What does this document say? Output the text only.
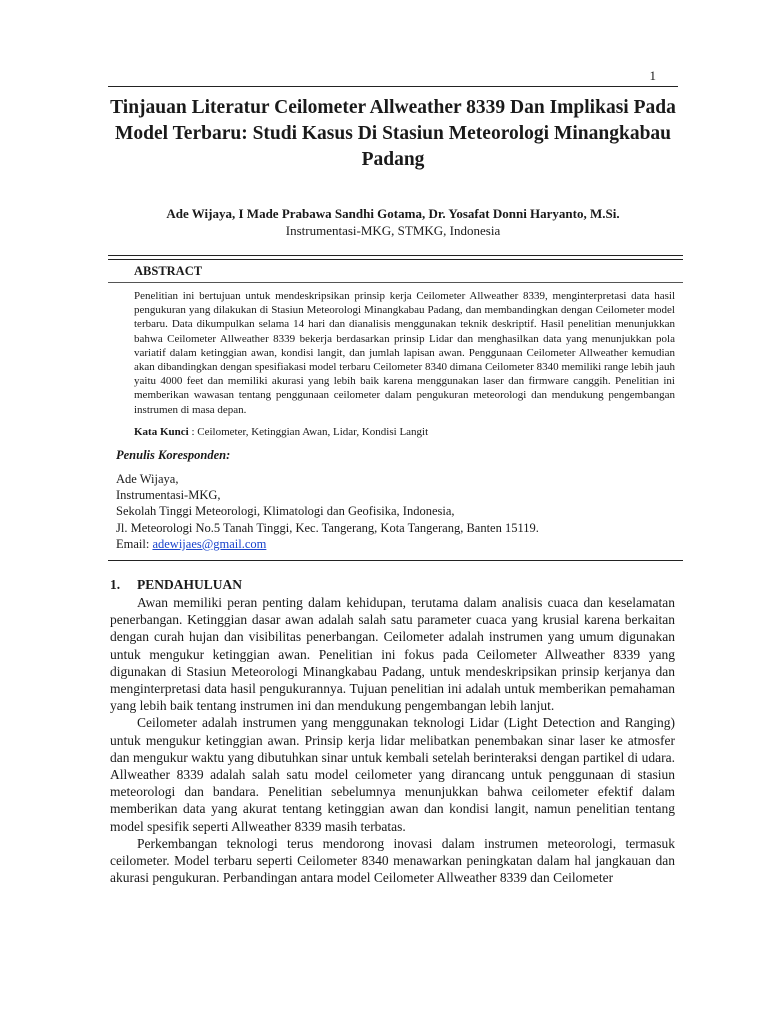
1
Tinjauan Literatur Ceilometer Allweather 8339 Dan Implikasi Pada Model Terbaru: Studi Kasus Di Stasiun Meteorologi Minangkabau Padang
Ade Wijaya, I Made Prabawa Sandhi Gotama, Dr. Yosafat Donni Haryanto, M.Si.
Instrumentasi-MKG, STMKG, Indonesia
ABSTRACT

Penelitian ini bertujuan untuk mendeskripsikan prinsip kerja Ceilometer Allweather 8339, menginterpretasi data hasil pengukuran yang dilakukan di Stasiun Meteorologi Minangkabau Padang, dan membandingkan dengan Ceilometer model terbaru. Data dikumpulkan selama 14 hari dan dianalisis menggunakan teknik deskriptif. Hasil penelitian menunjukkan bahwa Ceilometer Allweather 8339 bekerja berdasarkan prinsip Lidar dan menghasilkan data yang menunjukkan pola variatif dalam ketinggian awan, kondisi langit, dan jumlah lapisan awan. Penggunaan Ceilometer Allweather kemudian akan dibandingkan dengan spesifiakasi model terbaru Ceilometer 8340 dimana Ceilometer 8340 memiliki range lebih jauh yaitu 4000 feet dan memiliki akurasi yang lebih baik karena menggunakan laser dan firmware canggih. Penelitian ini memberikan wawasan tentang penggunaan ceilometer dalam pengukuran meteorologi dan mendukung pengembangan instrumen di masa depan.

Kata Kunci : Ceilometer, Ketinggian Awan, Lidar, Kondisi Langit
Penulis Koresponden:
Ade Wijaya,
Instrumentasi-MKG,
Sekolah Tinggi Meteorologi, Klimatologi dan Geofisika, Indonesia,
Jl. Meteorologi No.5 Tanah Tinggi, Kec. Tangerang, Kota Tangerang, Banten 15119.
Email: adewijaes@gmail.com
1. PENDAHULUAN

Awan memiliki peran penting dalam kehidupan, terutama dalam analisis cuaca dan keselamatan penerbangan. Ketinggian dasar awan adalah salah satu parameter cuaca yang krusial karena berkaitan dengan curah hujan dan visibilitas penerbangan. Ceilometer adalah instrumen yang umum digunakan untuk mengukur ketinggian awan. Penelitian ini fokus pada Ceilometer Allweather 8339 yang digunakan di Stasiun Meteorologi Minangkabau Padang, untuk mendeskripsikan prinsip kerjanya dan menginterpretasi data hasil pengukurannya. Tujuan penelitian ini adalah untuk memberikan pemahaman yang lebih baik tentang instrumen ini dan mendukung pengembangan lebih lanjut.

Ceilometer adalah instrumen yang menggunakan teknologi Lidar (Light Detection and Ranging) untuk mengukur ketinggian awan. Prinsip kerja lidar melibatkan penembakan sinar laser ke atmosfer dan mengukur waktu yang dibutuhkan sinar untuk kembali setelah berinteraksi dengan partikel di udara. Allweather 8339 adalah salah satu model ceilometer yang dirancang untuk penggunaan di stasiun meteorologi dan bandara. Penelitian sebelumnya menunjukkan bahwa ceilometer efektif dalam memberikan data yang akurat tentang ketinggian awan dan kondisi langit, namun penelitian tentang model spesifik seperti Allweather 8339 masih terbatas.

Perkembangan teknologi terus mendorong inovasi dalam instrumen meteorologi, termasuk ceilometer. Model terbaru seperti Ceilometer 8340 menawarkan peningkatan dalam hal jangkauan dan akurasi pengukuran. Perbandingan antara model Ceilometer Allweather 8339 dan Ceilometer
